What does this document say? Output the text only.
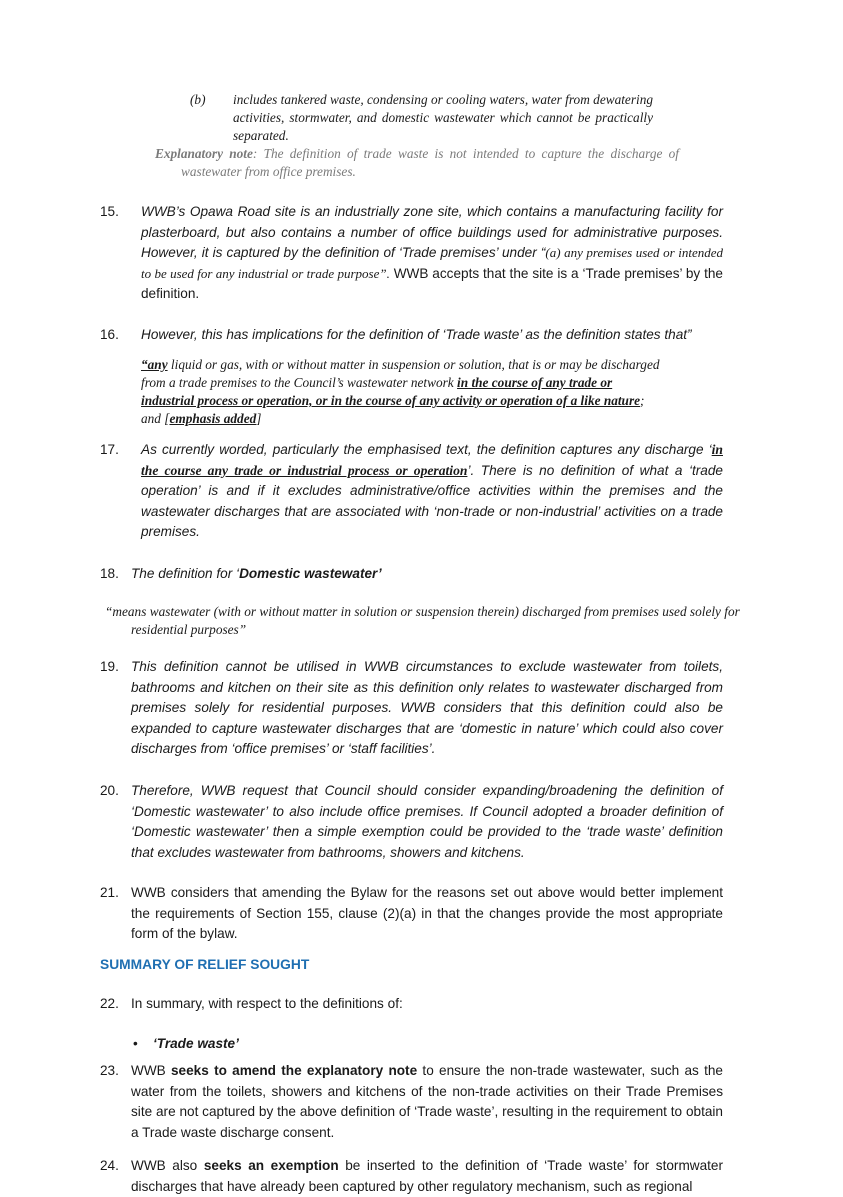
(b) includes tankered waste, condensing or cooling waters, water from dewatering activities, stormwater, and domestic wastewater which cannot be practically separated.
Explanatory note: The definition of trade waste is not intended to capture the discharge of wastewater from office premises.
15. WWB’s Opawa Road site is an industrially zone site, which contains a manufacturing facility for plasterboard, but also contains a number of office buildings used for administrative purposes. However, it is captured by the definition of ‘Trade premises’ under “(a) any premises used or intended to be used for any industrial or trade purpose”. WWB accepts that the site is a ‘Trade premises’ by the definition.
16. However, this has implications for the definition of ‘Trade waste’ as the definition states that”
“any liquid or gas, with or without matter in suspension or solution, that is or may be discharged from a trade premises to the Council’s wastewater network in the course of any trade or industrial process or operation, or in the course of any activity or operation of a like nature; and [emphasis added]
17. As currently worded, particularly the emphasised text, the definition captures any discharge ‘in the course any trade or industrial process or operation’. There is no definition of what a ‘trade operation’ is and if it excludes administrative/office activities within the premises and the wastewater discharges that are associated with ‘non-trade or non-industrial’ activities on a trade premises.
18. The definition for ‘Domestic wastewater’
“means wastewater (with or without matter in solution or suspension therein) discharged from premises used solely for residential purposes”
19. This definition cannot be utilised in WWB circumstances to exclude wastewater from toilets, bathrooms and kitchen on their site as this definition only relates to wastewater discharged from premises solely for residential purposes. WWB considers that this definition could also be expanded to capture wastewater discharges that are ‘domestic in nature’ which could also cover discharges from ‘office premises’ or ‘staff facilities’.
20. Therefore, WWB request that Council should consider expanding/broadening the definition of ‘Domestic wastewater’ to also include office premises. If Council adopted a broader definition of ‘Domestic wastewater’ then a simple exemption could be provided to the ‘trade waste’ definition that excludes wastewater from bathrooms, showers and kitchens.
21. WWB considers that amending the Bylaw for the reasons set out above would better implement the requirements of Section 155, clause (2)(a) in that the changes provide the most appropriate form of the bylaw.
SUMMARY OF RELIEF SOUGHT
22. In summary, with respect to the definitions of:
• ‘Trade waste’
23. WWB seeks to amend the explanatory note to ensure the non-trade wastewater, such as the water from the toilets, showers and kitchens of the non-trade activities on their Trade Premises site are not captured by the above definition of ‘Trade waste’, resulting in the requirement to obtain a Trade waste discharge consent.
24. WWB also seeks an exemption be inserted to the definition of ‘Trade waste’ for stormwater discharges that have already been captured by other regulatory mechanism, such as regional
